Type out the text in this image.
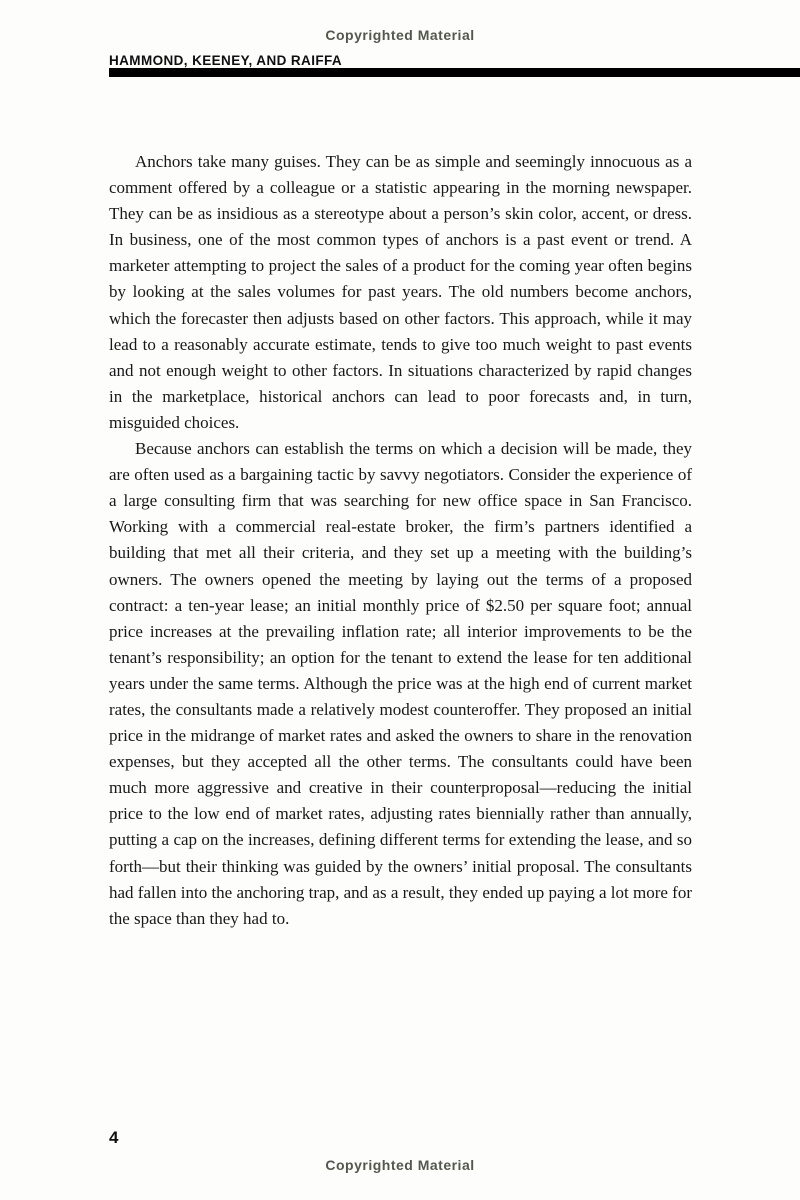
Copyrighted Material
HAMMOND, KEENEY, AND RAIFFA

Anchors take many guises. They can be as simple and seemingly innocuous as a comment offered by a colleague or a statistic appearing in the morning newspaper. They can be as insidious as a stereotype about a person’s skin color, accent, or dress. In business, one of the most common types of anchors is a past event or trend. A marketer attempting to project the sales of a product for the coming year often begins by looking at the sales volumes for past years. The old numbers become anchors, which the forecaster then adjusts based on other factors. This approach, while it may lead to a reasonably accurate estimate, tends to give too much weight to past events and not enough weight to other factors. In situations characterized by rapid changes in the marketplace, historical anchors can lead to poor forecasts and, in turn, misguided choices.

Because anchors can establish the terms on which a decision will be made, they are often used as a bargaining tactic by savvy negotiators. Consider the experience of a large consulting firm that was searching for new office space in San Francisco. Working with a commercial real-estate broker, the firm’s partners identified a building that met all their criteria, and they set up a meeting with the building’s owners. The owners opened the meeting by laying out the terms of a proposed contract: a ten-year lease; an initial monthly price of $2.50 per square foot; annual price increases at the prevailing inflation rate; all interior improvements to be the tenant’s responsibility; an option for the tenant to extend the lease for ten additional years under the same terms. Although the price was at the high end of current market rates, the consultants made a relatively modest counteroffer. They proposed an initial price in the midrange of market rates and asked the owners to share in the renovation expenses, but they accepted all the other terms. The consultants could have been much more aggressive and creative in their counterproposal—reducing the initial price to the low end of market rates, adjusting rates biennially rather than annually, putting a cap on the increases, defining different terms for extending the lease, and so forth—but their thinking was guided by the owners’ initial proposal. The consultants had fallen into the anchoring trap, and as a result, they ended up paying a lot more for the space than they had to.

4
Copyrighted Material
